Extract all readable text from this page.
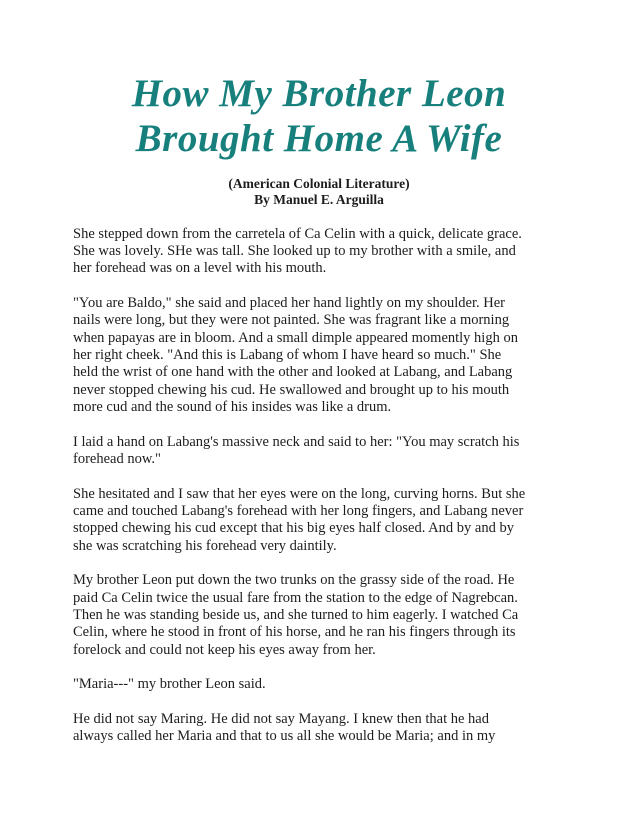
How My Brother Leon
Brought Home A Wife
(American Colonial Literature)
By Manuel E. Arguilla

She stepped down from the carretela of Ca Celin with a quick, delicate grace.
She was lovely. SHe was tall. She looked up to my brother with a smile, and
her forehead was on a level with his mouth.

"You are Baldo," she said and placed her hand lightly on my shoulder. Her
nails were long, but they were not painted. She was fragrant like a morning
when papayas are in bloom. And a small dimple appeared momently high on
her right cheek. "And this is Labang of whom I have heard so much." She
held the wrist of one hand with the other and looked at Labang, and Labang
never stopped chewing his cud. He swallowed and brought up to his mouth
more cud and the sound of his insides was like a drum.

I laid a hand on Labang's massive neck and said to her: "You may scratch his
forehead now."

She hesitated and I saw that her eyes were on the long, curving horns. But she
came and touched Labang's forehead with her long fingers, and Labang never
stopped chewing his cud except that his big eyes half closed. And by and by
she was scratching his forehead very daintily.

My brother Leon put down the two trunks on the grassy side of the road. He
paid Ca Celin twice the usual fare from the station to the edge of Nagrebcan.
Then he was standing beside us, and she turned to him eagerly. I watched Ca
Celin, where he stood in front of his horse, and he ran his fingers through its
forelock and could not keep his eyes away from her.

"Maria---" my brother Leon said.

He did not say Maring. He did not say Mayang. I knew then that he had
always called her Maria and that to us all she would be Maria; and in my
